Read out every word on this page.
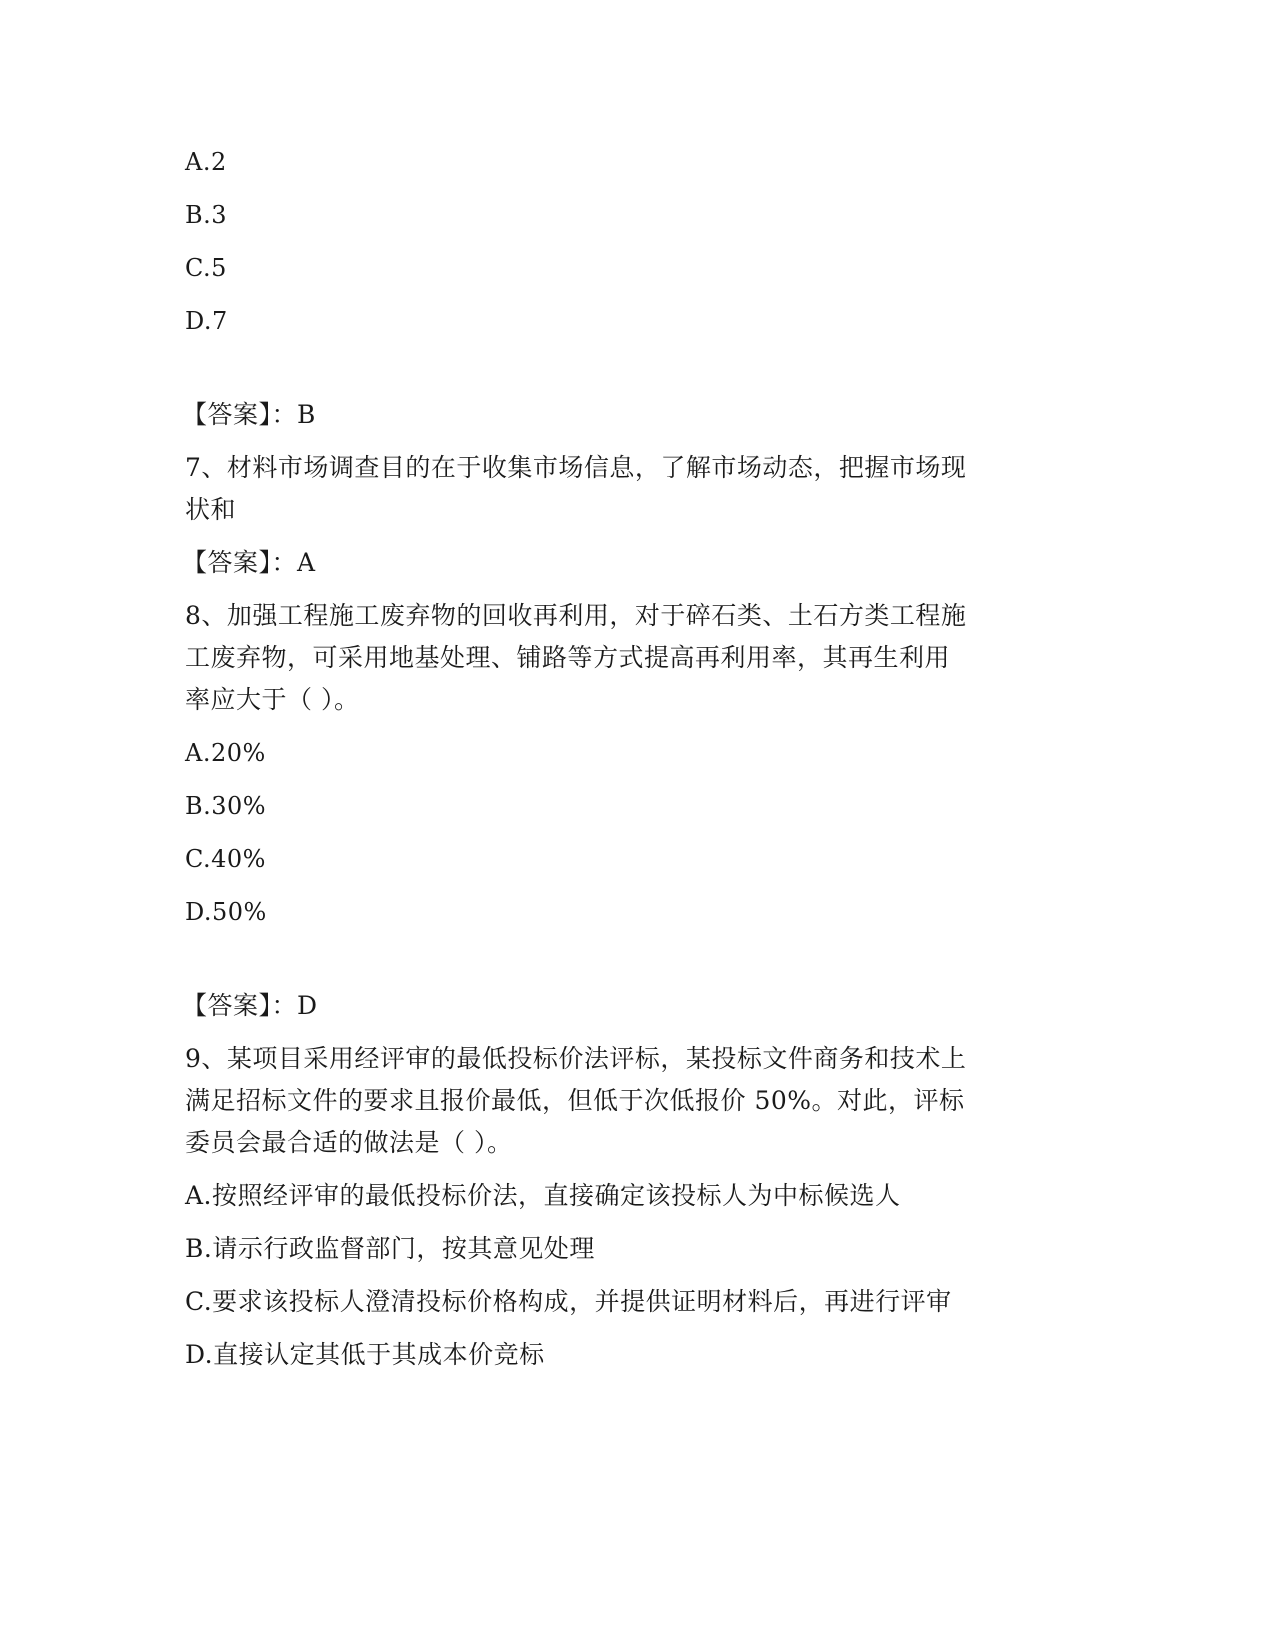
A.2
B.3
C.5
D.7
【答案】：B
7、材料市场调查目的在于收集市场信息，了解市场动态，把握市场现
状和
【答案】：A
8、加强工程施工废弃物的回收再利用，对于碎石类、土石方类工程施
工废弃物，可采用地基处理、铺路等方式提高再利用率，其再生利用
率应大于（ ）。
A.20%
B.30%
C.40%
D.50%
【答案】：D
9、某项目采用经评审的最低投标价法评标，某投标文件商务和技术上
满足招标文件的要求且报价最低，但低于次低报价 50%。对此，评标
委员会最合适的做法是（ ）。
A.按照经评审的最低投标价法，直接确定该投标人为中标候选人
B.请示行政监督部门，按其意见处理
C.要求该投标人澄清投标价格构成，并提供证明材料后，再进行评审
D.直接认定其低于其成本价竞标
